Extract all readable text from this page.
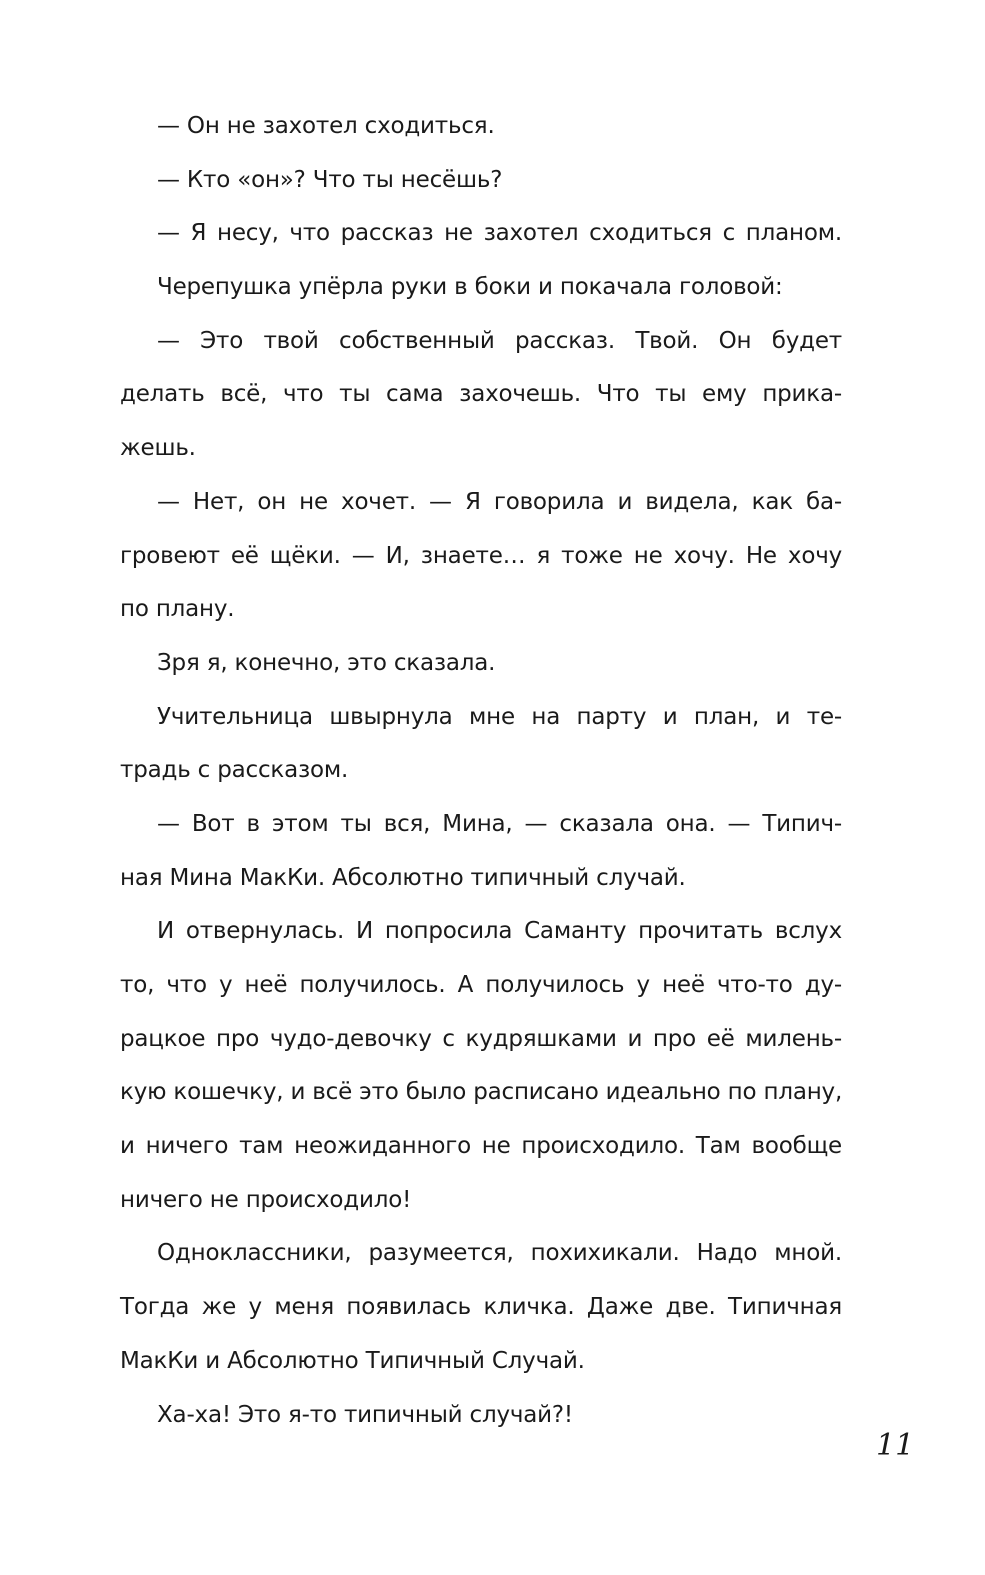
— Он не захотел сходиться.
— Кто «он»? Что ты несёшь?
— Я несу, что рассказ не захотел сходиться с планом.
Черепушка упёрла руки в боки и покачала головой:
— Это твой собственный рассказ. Твой. Он будет
делать всё, что ты сама захочешь. Что ты ему прика-
жешь.
— Нет, он не хочет. — Я говорила и видела, как ба-
гровеют её щёки. — И, знаете… я тоже не хочу. Не хочу
по плану.
Зря я, конечно, это сказала.
Учительница швырнула мне на парту и план, и те-
традь с рассказом.
— Вот в этом ты вся, Мина, — сказала она. — Типич-
ная Мина МакКи. Абсолютно типичный случай.
И отвернулась. И попросила Саманту прочитать вслух
то, что у неё получилось. А получилось у неё что-то ду-
рацкое про чудо-девочку с кудряшками и про её милень-
кую кошечку, и всё это было расписано идеально по плану,
и ничего там неожиданного не происходило. Там вообще
ничего не происходило!
Одноклассники, разумеется, похихикали. Надо мной.
Тогда же у меня появилась кличка. Даже две. Типичная
МакКи и Абсолютно Типичный Случай.
Ха-ха! Это я-то типичный случай?!
11
